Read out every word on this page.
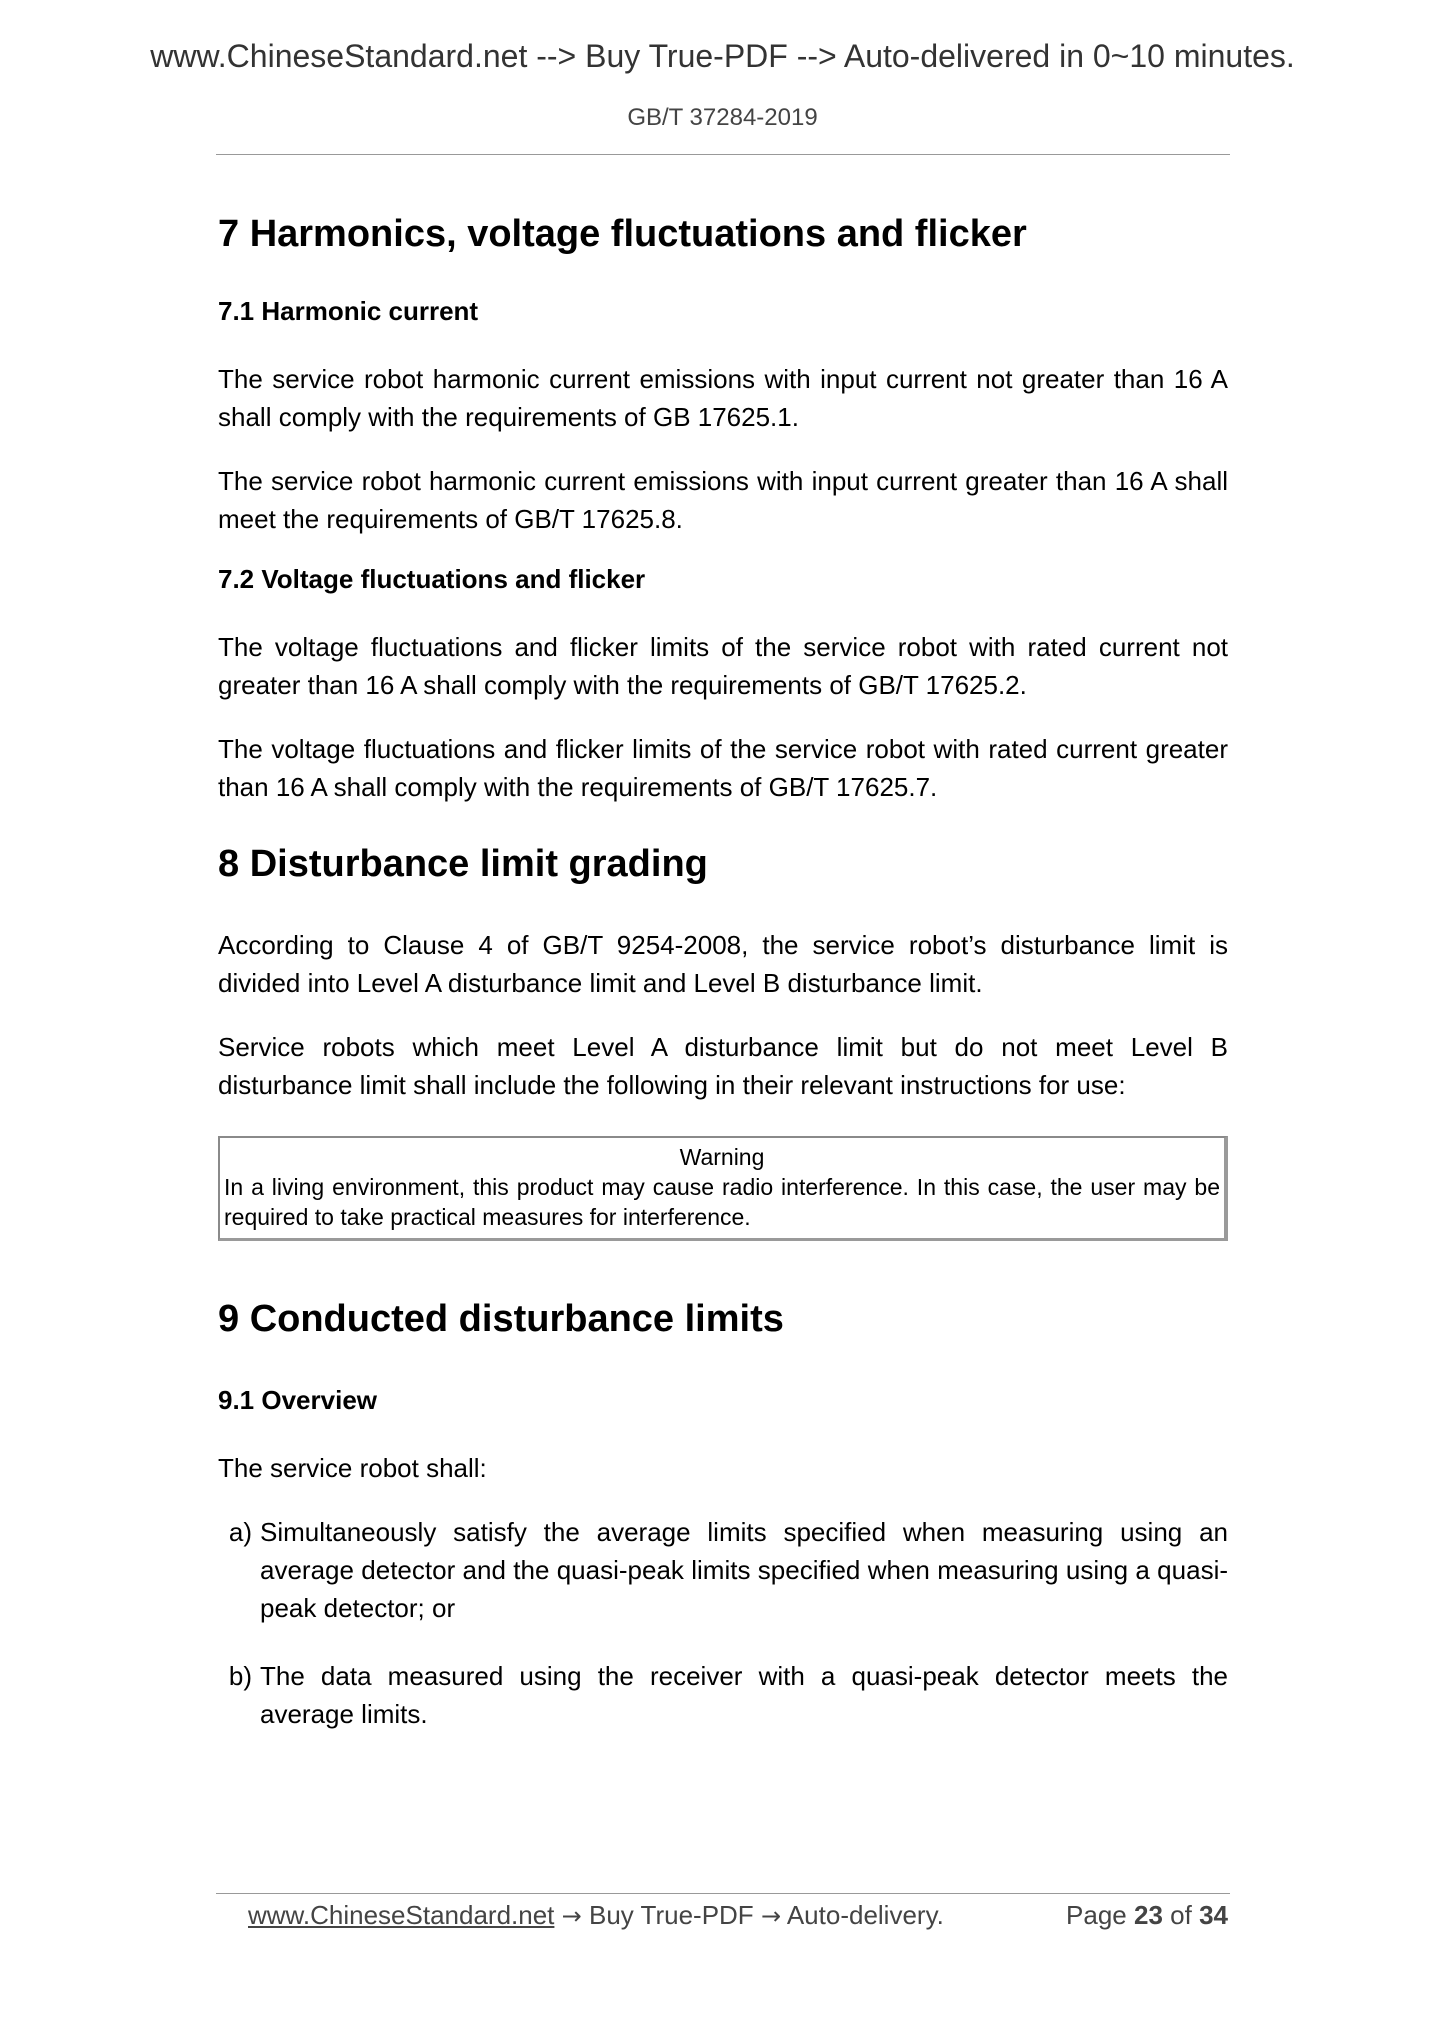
www.ChineseStandard.net --> Buy True-PDF --> Auto-delivered in 0~10 minutes.
GB/T 37284-2019
7 Harmonics, voltage fluctuations and flicker
7.1 Harmonic current

The service robot harmonic current emissions with input current not greater than 16 A shall comply with the requirements of GB 17625.1.

The service robot harmonic current emissions with input current greater than 16 A shall meet the requirements of GB/T 17625.8.

7.2 Voltage fluctuations and flicker

The voltage fluctuations and flicker limits of the service robot with rated current not greater than 16 A shall comply with the requirements of GB/T 17625.2.

The voltage fluctuations and flicker limits of the service robot with rated current greater than 16 A shall comply with the requirements of GB/T 17625.7.

8 Disturbance limit grading

According to Clause 4 of GB/T 9254-2008, the service robot’s disturbance limit is divided into Level A disturbance limit and Level B disturbance limit.

Service robots which meet Level A disturbance limit but do not meet Level B disturbance limit shall include the following in their relevant instructions for use:

Warning
In a living environment, this product may cause radio interference. In this case, the user may be required to take practical measures for interference.
9 Conducted disturbance limits
9.1 Overview

The service robot shall:

a) Simultaneously satisfy the average limits specified when measuring using an average detector and the quasi-peak limits specified when measuring using a quasi-peak detector; or
b) The data measured using the receiver with a quasi-peak detector meets the average limits.
www.ChineseStandard.net → Buy True-PDF → Auto-delivery.	Page 23 of 34
